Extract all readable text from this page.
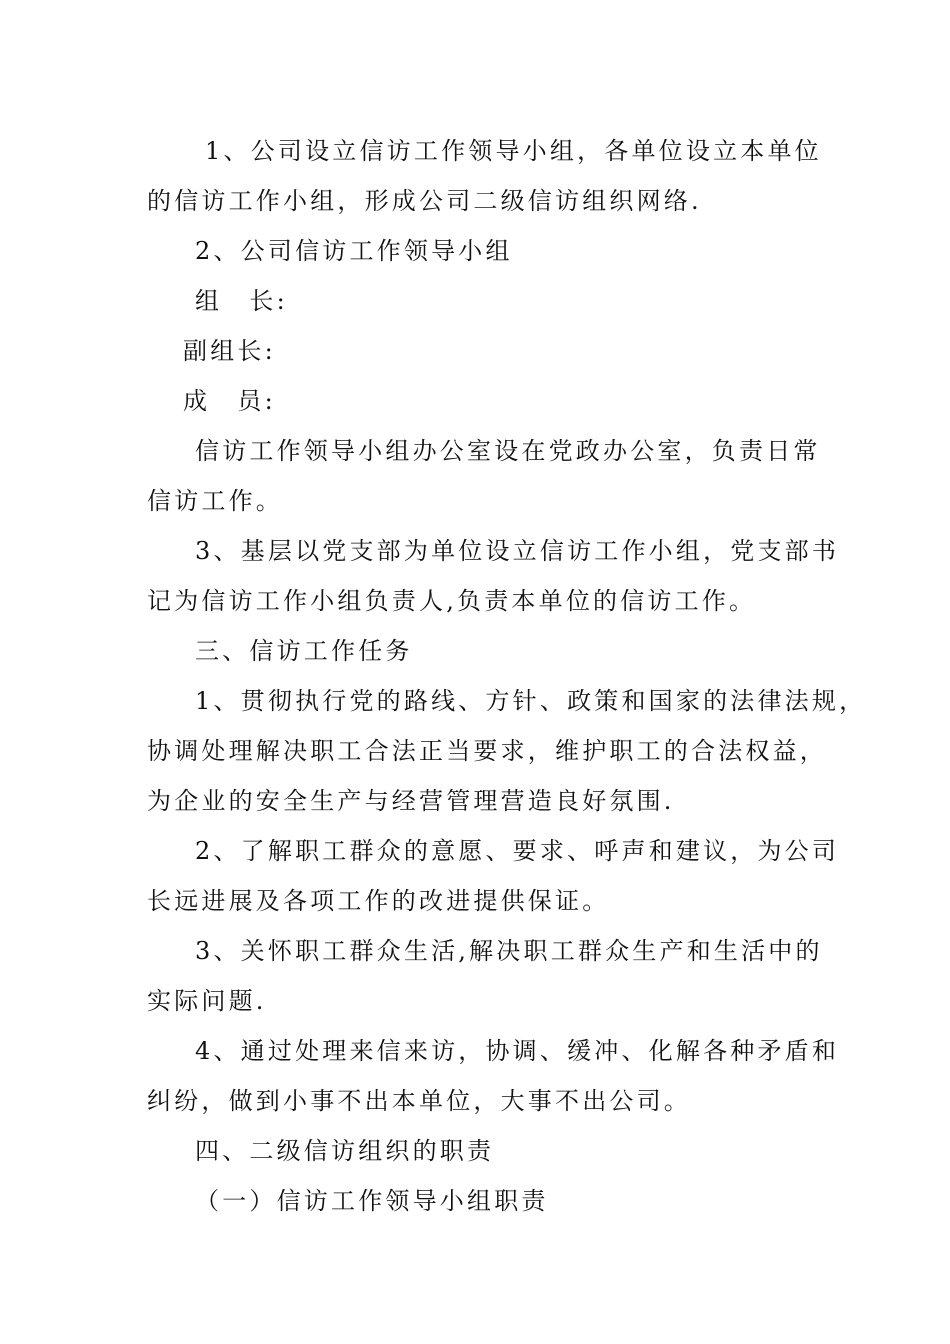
1、公司设立信访工作领导小组，各单位设立本单位
的信访工作小组，形成公司二级信访组织网络.
2、公司信访工作领导小组
组　长:
副组长:
成　员:
信访工作领导小组办公室设在党政办公室，负责日常
信访工作。
3、基层以党支部为单位设立信访工作小组，党支部书
记为信访工作小组负责人,负责本单位的信访工作。
三、信访工作任务
1、贯彻执行党的路线、方针、政策和国家的法律法规，
协调处理解决职工合法正当要求，维护职工的合法权益，
为企业的安全生产与经营管理营造良好氛围.
2、了解职工群众的意愿、要求、呼声和建议，为公司
长远进展及各项工作的改进提供保证。
3、关怀职工群众生活,解决职工群众生产和生活中的
实际问题.
4、通过处理来信来访，协调、缓冲、化解各种矛盾和
纠纷，做到小事不出本单位，大事不出公司。
四、二级信访组织的职责
（一）信访工作领导小组职责
